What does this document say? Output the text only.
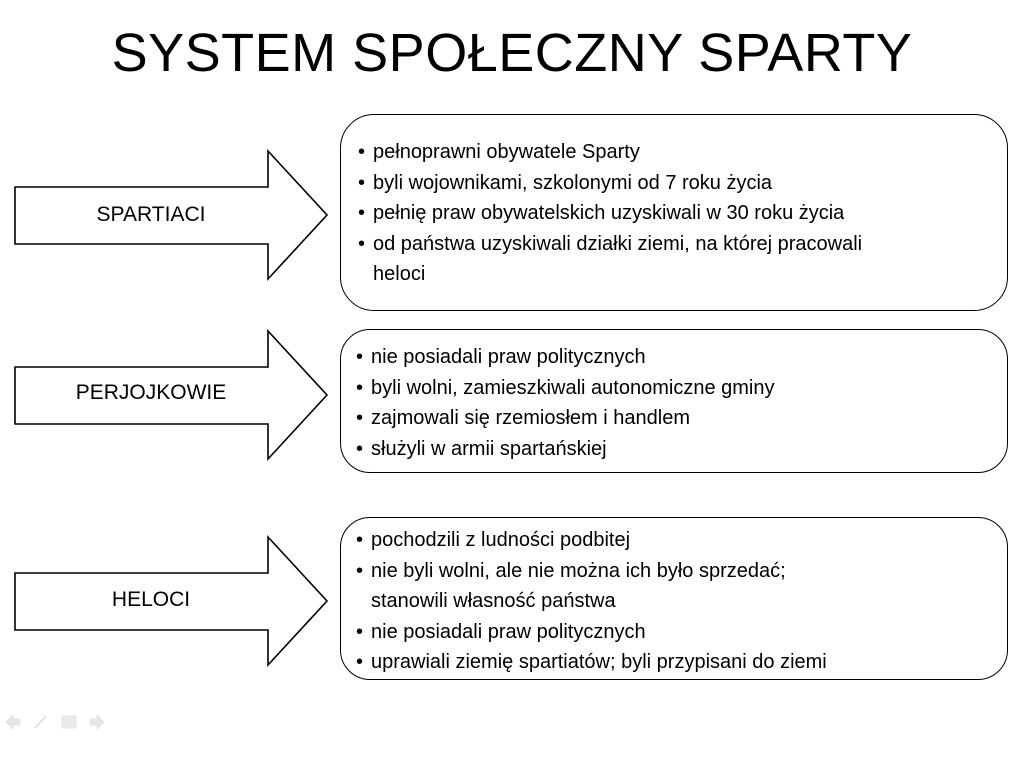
SYSTEM SPOŁECZNY SPARTY
SPARTIACI
• pełnoprawni obywatele Sparty
• byli wojownikami, szkolonymi od 7 roku życia
• pełnię praw obywatelskich uzyskiwali w 30 roku życia
• od państwa uzyskiwali działki ziemi, na której pracowali
heloci
PERJOJKOWIE
• nie posiadali praw politycznych
• byli wolni, zamieszkiwali autonomiczne gminy
• zajmowali się rzemiosłem i handlem
• służyli w armii spartańskiej
HELOCI
• pochodzili z ludności podbitej
• nie byli wolni, ale nie można ich było sprzedać;
stanowili własność państwa
• nie posiadali praw politycznych
• uprawiali ziemię spartiatów; byli przypisani do ziemi
